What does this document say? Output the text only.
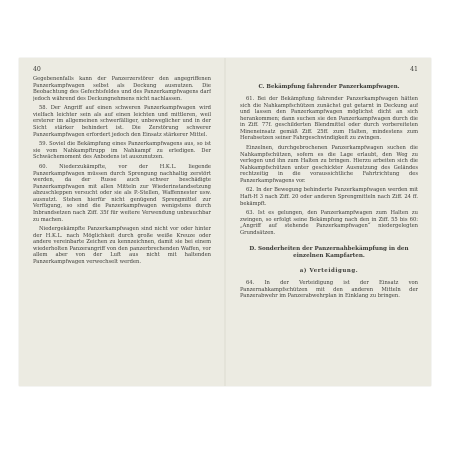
40

Gegebenenfalls kann der Panzerzerstörer den angegriffenen Panzerkampfwagen selbst als Deckung ausnutzen. Die Beobachtung des Gefechtsfeldes und des Panzerkampfwagens darf jedoch während des Deckungnehmens nicht nachlassen.

58. Der Angriff auf einen schweren Panzerkampfwagen wird vielfach leichter sein als auf einen leichten und mittleren, weil ersterer im allgemeinen schwerfälliger, unbeweglicher und in der Sicht stärker behindert ist. Die Zerstörung schwerer Panzerkampfwagen erfordert jedoch den Einsatz stärkerer Mittel.

59. Soviel die Bekämpfung eines Panzerkampfwagens aus, so ist sie vom Nahkampftrupp im Nahkampf zu erledigen. Der Schwächemoment des Anbodens ist auszunutzen.

60. Niederzukämpfte, vor der H.K.L. liegende Panzerkampfwagen müssen durch Sprengung nachhaltig zerstört werden, da der Russe auch schwer beschädigte Panzerkampfwagen mit allen Mitteln zur Wiederinstandsetzung abzuschleppen versucht oder sie als P.-Stellen, Waffennester usw. ausnutzt. Stehen hierfür nicht genügend Sprengmittel zur Verfügung, so sind die Panzerkampfwagen wenigstens durch Inbrandsetzen nach Ziff. 35f für weitere Verwendung unbrauchbar zu machen.

Niedergekämpfte Panzerkampfwagen sind nicht vor oder hinter der H.K.L. nach Möglichkeit durch große weiße Kreuze oder andere vereinbarte Zeichen zu kennzeichnen, damit sie bei einem wiederholten Panzerangriff von den panzerbrechenden Waffen, vor allem aber von der Luft aus nicht mit haltenden Panzerkampfwagen verwechselt werden.

41
C. Bekämpfung fahrender Panzerkampfwagen.

61. Bei der Bekämpfung fahrender Panzerkampfwagen hätten sich die Nahkampfschützen zunächst gut getarnt in Deckung auf und lassen den Panzerkampfwagen möglichst dicht an sich herankommen; dann suchen sie den Panzerkampfwagen durch die in Ziff. 77f. geschilderten Blendmittel oder durch vorbereiteten Mineneinsatz gemäß Ziff. 25ff. zum Halten, mindestens zum Herabsetzen seiner Fahrgeschwindigkeit zu zwingen.

Einzelnen, durchgebrochenen Panzerkampfwagen suchen die Nahkampfschützen, sofern es die Lage erlaubt, den Weg zu verlegen und ihn zum Halten zu bringen. Hierzu arbeiten sich die Nahkampfschützen unter geschickter Ausnutzung des Geländes rechtzeitig in die voraussichtliche Fahrtrichtung des Panzerkampfwagens vor.

62. In der Bewegung behinderte Panzerkampfwagen werden mit Haft-H 3 nach Ziff. 20 oder anderen Sprengmitteln nach Ziff. 24 ff. bekämpft.

63. Ist es gelungen, den Panzerkampfwagen zum Halten zu zwingen, so erfolgt seine Bekämpfung nach den in Ziff. 55 bis 60: „Angriff auf stehende Panzerkampfwagen“ niedergelegten Grundsätzen.

D. Sonderheiten der Panzernahbekämpfung in den einzelnen Kampfarten.
a) Verteidigung.

64. In der Verteidigung ist der Einsatz von Panzernahkampfschützen mit den anderen Mitteln der Panzerabwehr im Panzerabwehrplan in Einklang zu bringen.
